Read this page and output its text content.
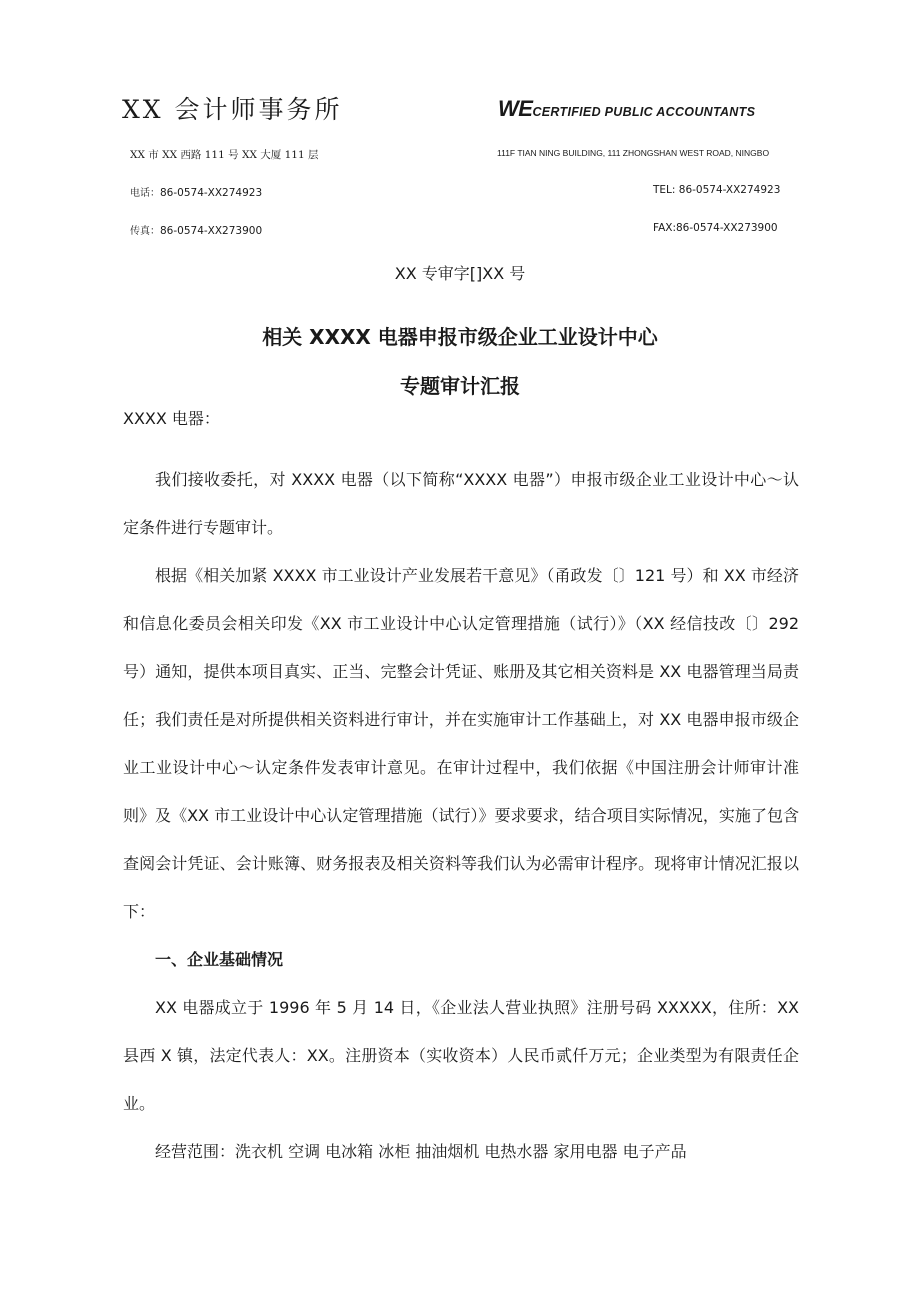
XX 会计师事务所	WECERTIFIED PUBLIC ACCOUNTANTS
XX 市 XX 西路 111 号 XX 大厦 111 层	111F TIAN NING BUILDING, 111 ZHONGSHAN WEST ROAD, NINGBO
电话：86-0574-XX274923	TEL: 86-0574-XX274923
传真：86-0574-XX273900	FAX:86-0574-XX273900
XX 专审字[]XX 号
相关 XXXX 电器申报市级企业工业设计中心
专题审计汇报
XXXX 电器：

我们接收委托，对 XXXX 电器（以下简称“XXXX 电器”）申报市级企业工业设计中心～认定条件进行专题审计。

根据《相关加紧 XXXX 市工业设计产业发展若干意见》（甬政发〔〕121 号）和 XX 市经济和信息化委员会相关印发《XX 市工业设计中心认定管理措施（试行）》（XX 经信技改〔〕292 号）通知，提供本项目真实、正当、完整会计凭证、账册及其它相关资料是 XX 电器管理当局责任；我们责任是对所提供相关资料进行审计，并在实施审计工作基础上，对 XX 电器申报市级企业工业设计中心～认定条件发表审计意见。在审计过程中，我们依据《中国注册会计师审计准则》及《XX 市工业设计中心认定管理措施（试行）》要求要求，结合项目实际情况，实施了包含查阅会计凭证、会计账簿、财务报表及相关资料等我们认为必需审计程序。现将审计情况汇报以下：

一、企业基础情况

XX 电器成立于 1996 年 5 月 14 日，《企业法人营业执照》注册号码 XXXXX，住所：XX 县西 X 镇，法定代表人：XX。注册资本（实收资本）人民币贰仟万元；企业类型为有限责任企业。

经营范围：洗衣机 空调 电冰箱 冰柜 抽油烟机 电热水器 家用电器 电子产品
